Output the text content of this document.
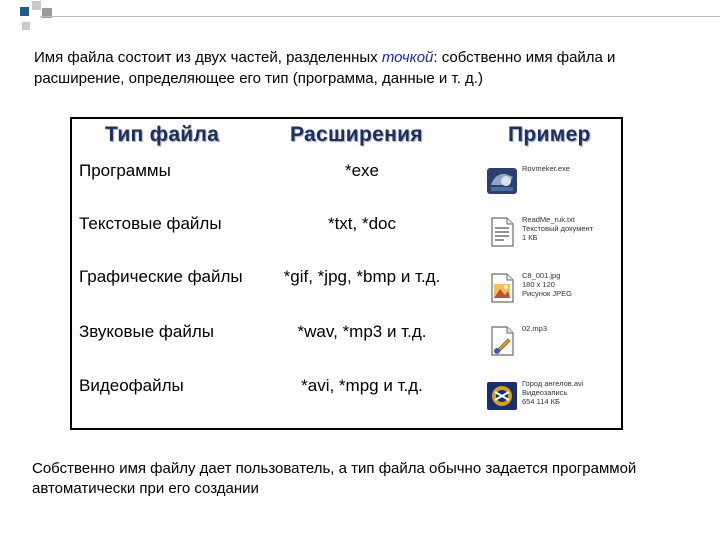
Имя файла состоит из двух частей, разделенных точкой: собственно имя файла и расширение, определяющее его тип (программа, данные и т. д.)
Тип файла	Расширения	Пример
Программы	*exe	Rovmeker.exe
Текстовые файлы	*txt, *doc	ReadMe_ruk.txt
Текстовый документ
1 КБ
Графические файлы	*gif, *jpg, *bmp и т.д.	C8_001.jpg
180 x 120
Рисунок JPEG
Звуковые файлы	*wav, *mp3 и т.д.	02.mp3
Видеофайлы	*avi, *mpg и т.д.	Город ангелов.avi
Видеозапись
654 114 КБ
Собственно имя файлу дает пользователь, а тип файла обычно задается программой автоматически при его создании
